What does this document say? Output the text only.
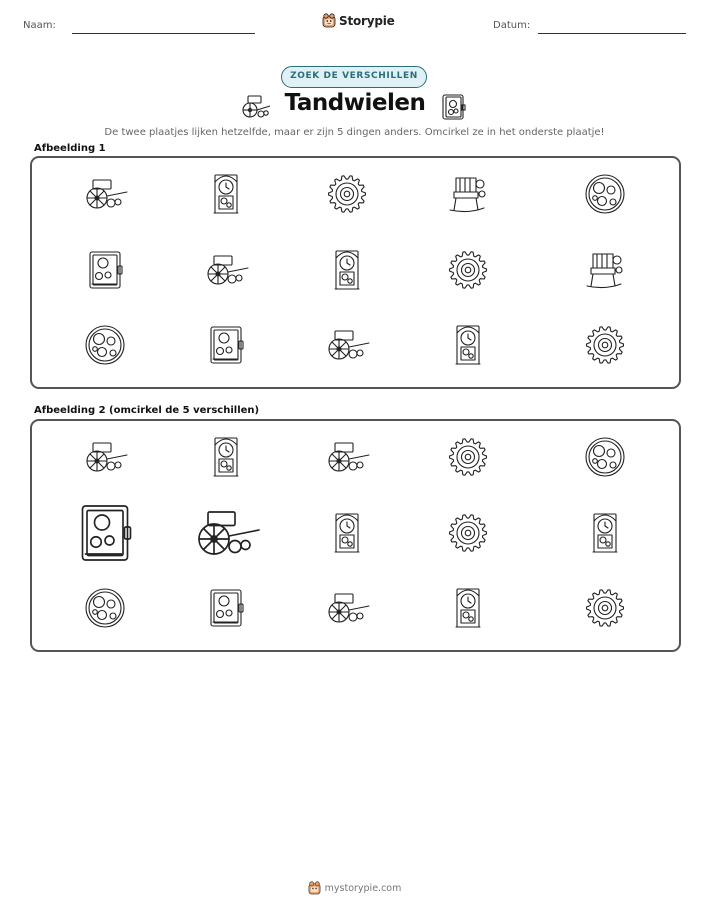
Naam:	Storypie	Datum:
ZOEK DE VERSCHILLEN
Tandwielen
De twee plaatjes lijken hetzelfde, maar er zijn 5 dingen anders. Omcirkel ze in het onderste plaatje!
Afbeelding 1
Afbeelding 2 (omcirkel de 5 verschillen)
mystorypie.com
